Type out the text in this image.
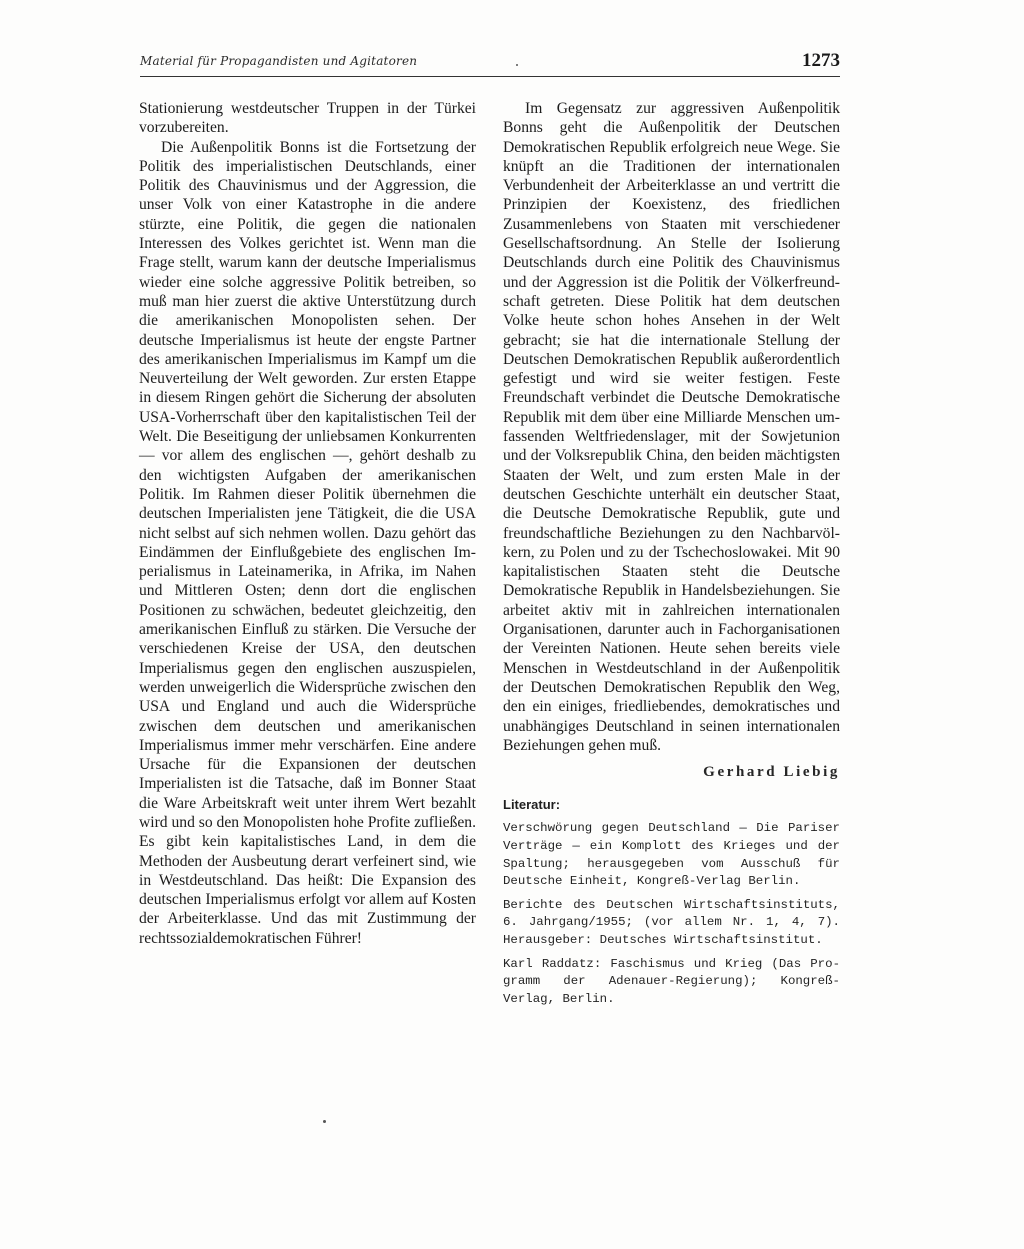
Material für Propagandisten und Agitatoren	1273

Stationierung westdeutscher Truppen in der Türkei vorzubereiten.

Die Außenpolitik Bonns ist die Fortsetzung der Politik des imperialistischen Deutschlands, einer Politik des Chauvinismus und der Aggression, die unser Volk von einer Katastrophe in die andere stürzte, eine Politik, die gegen die nationalen Interessen des Volkes gerichtet ist. Wenn man die Frage stellt, warum kann der deutsche Imperialismus wieder eine solche aggressive Politik betreiben, so muß man hier zuerst die aktive Unterstützung durch die amerikanischen Monopolisten sehen. Der deutsche Imperialismus ist heute der engste Partner des amerikanischen Imperialismus im Kampf um die Neuverteilung der Welt geworden. Zur ersten Etappe in diesem Ringen gehört die Sicherung der absoluten USA-Vorherrschaft über den kapitalistischen Teil der Welt. Die Beseitigung der unliebsamen Konkurrenten — vor allem des englischen —, gehört deshalb zu den wichtigsten Aufgaben der amerikanischen Politik. Im Rahmen dieser Politik übernehmen die deutschen Imperialisten jene Tätigkeit, die die USA nicht selbst auf sich nehmen wollen. Dazu gehört das Eindämmen der Einflußgebiete des englischen Imperialismus in Lateinamerika, in Afrika, im Nahen und Mittleren Osten; denn dort die englischen Positionen zu schwächen, bedeutet gleichzeitig, den amerikanischen Einfluß zu stärken. Die Versuche der verschiedenen Kreise der USA, den deutschen Imperialismus gegen den englischen auszuspielen, werden unweigerlich die Widersprüche zwischen den USA und England und auch die Widersprüche zwischen dem deutschen und amerikanischen Imperialismus immer mehr verschärfen. Eine andere Ursache für die Expansionen der deutschen Imperialisten ist die Tatsache, daß im Bonner Staat die Ware Arbeitskraft weit unter ihrem Wert bezahlt wird und so den Monopolisten hohe Profite zufließen. Es gibt kein kapitalistisches Land, in dem die Methoden der Ausbeutung derart verfeinert sind, wie in Westdeutschland. Das heißt: Die Expansion des deutschen Imperialismus erfolgt vor allem auf Kosten der Arbeiterklasse. Und das mit Zustimmung der rechtssozialdemokratischen Führer!

Im Gegensatz zur aggressiven Außenpolitik Bonns geht die Außenpolitik der Deutschen Demokratischen Republik erfolgreich neue Wege. Sie knüpft an die Traditionen der internationalen Verbundenheit der Arbeiterklasse an und vertritt die Prinzipien der Koexistenz, des friedlichen Zusammenlebens von Staaten mit verschiedener Gesellschaftsordnung. An Stelle der Isolierung Deutschlands durch eine Politik des Chauvinismus und der Aggression ist die Politik der Völkerfreundschaft getreten. Diese Politik hat dem deutschen Volke heute schon hohes Ansehen in der Welt gebracht; sie hat die internationale Stellung der Deutschen Demokratischen Republik außerordentlich gefestigt und wird sie weiter festigen. Feste Freundschaft verbindet die Deutsche Demokratische Republik mit dem über eine Milliarde Menschen umfassenden Weltfriedenslager, mit der Sowjetunion und der Volksrepublik China, den beiden mächtigsten Staaten der Welt, und zum ersten Male in der deutschen Geschichte unterhält ein deutscher Staat, die Deutsche Demokratische Republik, gute und freundschaftliche Beziehungen zu den Nachbarvölkern, zu Polen und zu der Tschechoslowakei. Mit 90 kapitalistischen Staaten steht die Deutsche Demokratische Republik in Handelsbeziehungen. Sie arbeitet aktiv mit in zahlreichen internationalen Organisationen, darunter auch in Fachorganisationen der Vereinten Nationen. Heute sehen bereits viele Menschen in Westdeutschland in der Außenpolitik der Deutschen Demokratischen Republik den Weg, den ein einiges, friedliebendes, demokratisches und unabhängiges Deutschland in seinen internationalen Beziehungen gehen muß.

Gerhard Liebig
Literatur:
Verschwörung gegen Deutschland — Die Pariser Verträge — ein Komplott des Krieges und der Spaltung; herausgegeben vom Ausschuß für Deutsche Einheit, Kongreß-Verlag Berlin.
Berichte des Deutschen Wirtschaftsinstituts, 6. Jahrgang/1955; (vor allem Nr. 1, 4, 7). Herausgeber: Deutsches Wirtschaftsinstitut.
Karl Raddatz: Faschismus und Krieg (Das Programm der Adenauer-Regierung); Kongreß-Verlag, Berlin.
